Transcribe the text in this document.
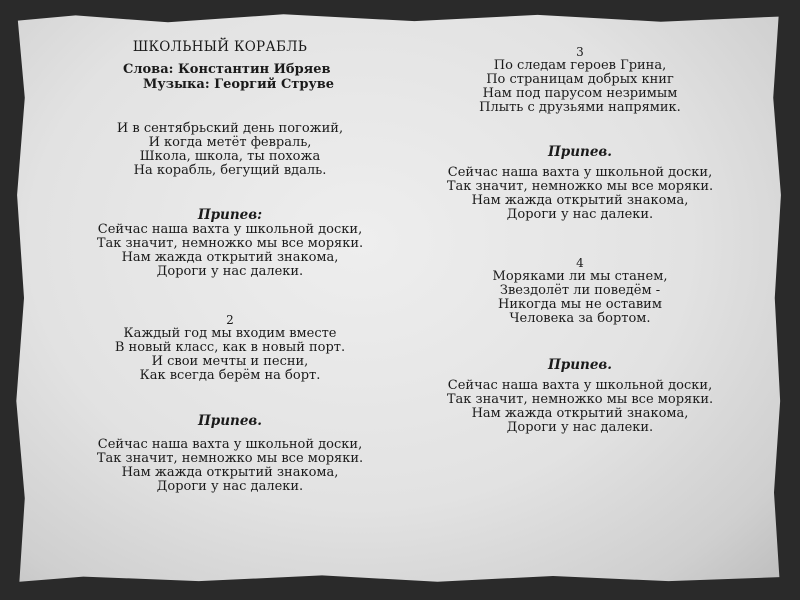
ШКОЛЬНЫЙ КОРАБЛЬ
Слова: Константин Ибряев
Музыка: Георгий Струве
И в сентябрьский день погожий,
И когда метёт февраль,
Школа, школа, ты похожа
На корабль, бегущий вдаль.
Припев:
Сейчас наша вахта у школьной доски,
Так значит, немножко мы все моряки.
Нам жажда открытий знакома,
Дороги у нас далеки.
2
Каждый год мы входим вместе
В новый класс, как в новый порт.
И свои мечты и песни,
Как всегда берём на борт.
Припев.
Сейчас наша вахта у школьной доски,
Так значит, немножко мы все моряки.
Нам жажда открытий знакома,
Дороги у нас далеки.
3
По следам героев Грина,
По страницам добрых книг
Нам под парусом незримым
Плыть с друзьями напрямик.
Припев.
Сейчас наша вахта у школьной доски,
Так значит, немножко мы все моряки.
Нам жажда открытий знакома,
Дороги у нас далеки.
4
Моряками ли мы станем,
Звездолёт ли поведём -
Никогда мы не оставим
Человека за бортом.
Припев.
Сейчас наша вахта у школьной доски,
Так значит, немножко мы все моряки.
Нам жажда открытий знакома,
Дороги у нас далеки.
